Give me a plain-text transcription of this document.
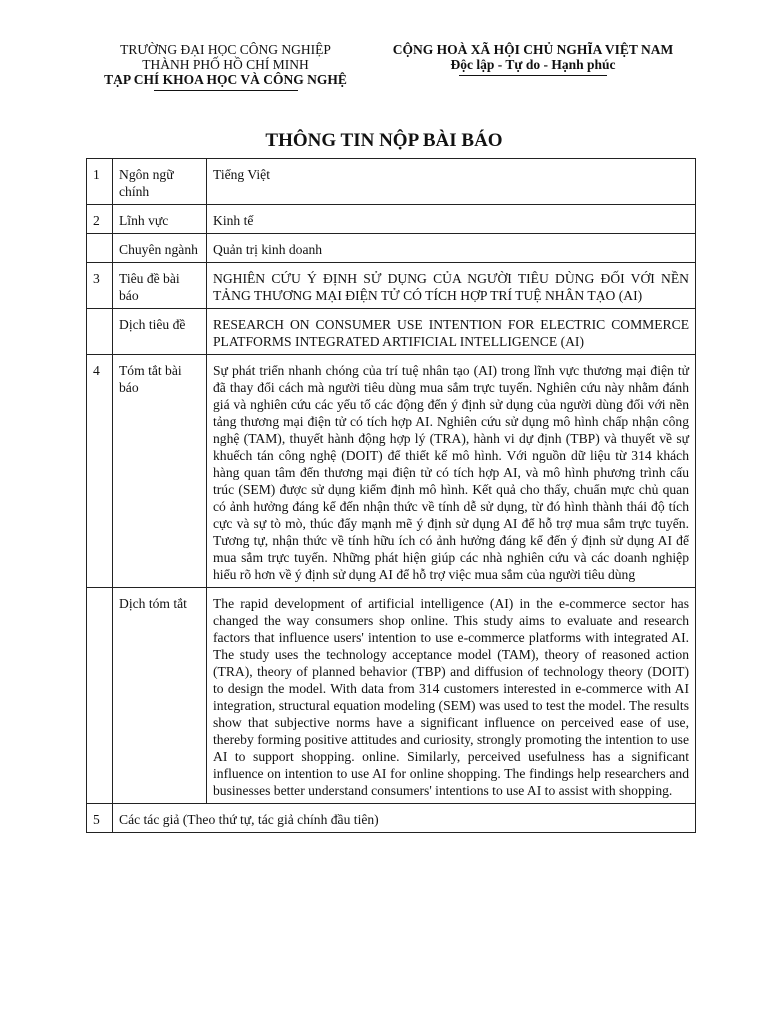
TRƯỜNG ĐẠI HỌC CÔNG NGHIỆP
THÀNH PHỐ HỒ CHÍ MINH
TẠP CHÍ KHOA HỌC VÀ CÔNG NGHỆ
CỘNG HOÀ XÃ HỘI CHỦ NGHĨA VIỆT NAM
Độc lập - Tự do - Hạnh phúc
THÔNG TIN NỘP BÀI BÁO
1	Ngôn ngữ chính	Tiếng Việt
2	Lĩnh vực	Kinh tế
	Chuyên ngành	Quản trị kinh doanh
3	Tiêu đề bài báo	NGHIÊN CỨU Ý ĐỊNH SỬ DỤNG CỦA NGƯỜI TIÊU DÙNG ĐỐI VỚI NỀN TẢNG THƯƠNG MẠI ĐIỆN TỬ CÓ TÍCH HỢP TRÍ TUỆ NHÂN TẠO (AI)
	Dịch tiêu đề	RESEARCH ON CONSUMER USE INTENTION FOR ELECTRIC COMMERCE PLATFORMS INTEGRATED ARTIFICIAL INTELLIGENCE (AI)
4	Tóm tắt bài báo	Sự phát triển nhanh chóng của trí tuệ nhân tạo (AI) trong lĩnh vực thương mại điện tử đã thay đổi cách mà người tiêu dùng mua sắm trực tuyến. Nghiên cứu này nhằm đánh giá và nghiên cứu các yếu tố các động đến ý định sử dụng của người dùng đối với nền tảng thương mại điện tử có tích hợp AI. Nghiên cứu sử dụng mô hình chấp nhận công nghệ (TAM), thuyết hành động hợp lý (TRA), hành vi dự định (TBP) và thuyết về sự khuếch tán công nghệ (DOIT) để thiết kế mô hình. Với nguồn dữ liệu từ 314 khách hàng quan tâm đến thương mại điện tử có tích hợp AI, và mô hình phương trình cấu trúc (SEM) được sử dụng kiểm định mô hình. Kết quả cho thấy, chuẩn mực chủ quan có ảnh hưởng đáng kể đến nhận thức về tính dễ sử dụng, từ đó hình thành thái độ tích cực và sự tò mò, thúc đẩy mạnh mẽ ý định sử dụng AI để hỗ trợ mua sắm trực tuyến. Tương tự, nhận thức về tính hữu ích có ảnh hưởng đáng kể đến ý định sử dụng AI để mua sắm trực tuyến. Những phát hiện giúp các nhà nghiên cứu và các doanh nghiệp hiểu rõ hơn về ý định sử dụng AI để hỗ trợ việc mua sắm của người tiêu dùng
	Dịch tóm tắt	The rapid development of artificial intelligence (AI) in the e-commerce sector has changed the way consumers shop online. This study aims to evaluate and research factors that influence users' intention to use e-commerce platforms with integrated AI. The study uses the technology acceptance model (TAM), theory of reasoned action (TRA), theory of planned behavior (TBP) and diffusion of technology theory (DOIT) to design the model. With data from 314 customers interested in e-commerce with AI integration, structural equation modeling (SEM) was used to test the model. The results show that subjective norms have a significant influence on perceived ease of use, thereby forming positive attitudes and curiosity, strongly promoting the intention to use AI to support shopping. online. Similarly, perceived usefulness has a significant influence on intention to use AI for online shopping. The findings help researchers and businesses better understand consumers' intentions to use AI to assist with shopping.
5	Các tác giả (Theo thứ tự, tác giả chính đầu tiên)	
